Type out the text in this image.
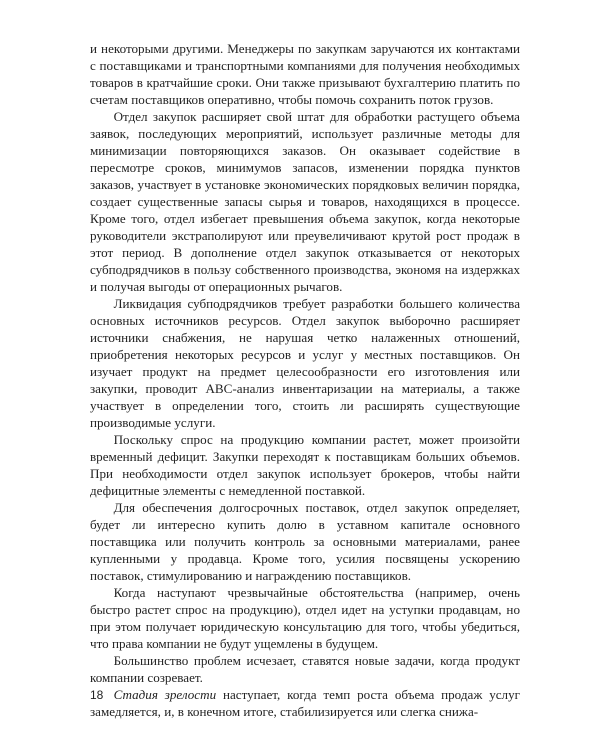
и некоторыми другими. Менеджеры по закупкам заручаются их контактами с поставщиками и транспортными компаниями для получения необходимых товаров в кратчайшие сроки. Они также призывают бухгалтерию платить по счетам поставщиков оперативно, чтобы помочь сохранить поток грузов.

Отдел закупок расширяет свой штат для обработки растущего объема заявок, последующих мероприятий, использует различные методы для минимизации повторяющихся заказов. Он оказывает содействие в пересмотре сроков, минимумов запасов, изменении порядка пунктов заказов, участвует в установке экономических порядковых величин порядка, создает существенные запасы сырья и товаров, находящихся в процессе. Кроме того, отдел избегает превышения объема закупок, когда некоторые руководители экстраполируют или преувеличивают крутой рост продаж в этот период. В дополнение отдел закупок отказывается от некоторых субподрядчиков в пользу собственного производства, экономя на издержках и получая выгоды от операционных рычагов.

Ликвидация субподрядчиков требует разработки большего количества основных источников ресурсов. Отдел закупок выборочно расширяет источники снабжения, не нарушая четко налаженных отношений, приобретения некоторых ресурсов и услуг у местных поставщиков. Он изучает продукт на предмет целесообразности его изготовления или закупки, проводит ABC-анализ инвентаризации на материалы, а также участвует в определении того, стоить ли расширять существующие производимые услуги.

Поскольку спрос на продукцию компании растет, может произойти временный дефицит. Закупки переходят к поставщикам больших объемов. При необходимости отдел закупок использует брокеров, чтобы найти дефицитные элементы с немедленной поставкой.

Для обеспечения долгосрочных поставок, отдел закупок определяет, будет ли интересно купить долю в уставном капитале основного поставщика или получить контроль за основными материалами, ранее купленными у продавца. Кроме того, усилия посвящены ускорению поставок, стимулированию и награждению поставщиков.

Когда наступают чрезвычайные обстоятельства (например, очень быстро растет спрос на продукцию), отдел идет на уступки продавцам, но при этом получает юридическую консультацию для того, чтобы убедиться, что права компании не будут ущемлены в будущем.

Большинство проблем исчезает, ставятся новые задачи, когда продукт компании созревает.

Стадия зрелости наступает, когда темп роста объема продаж услуг замедляется, и, в конечном итоге, стабилизируется или слегка снижа-

18
